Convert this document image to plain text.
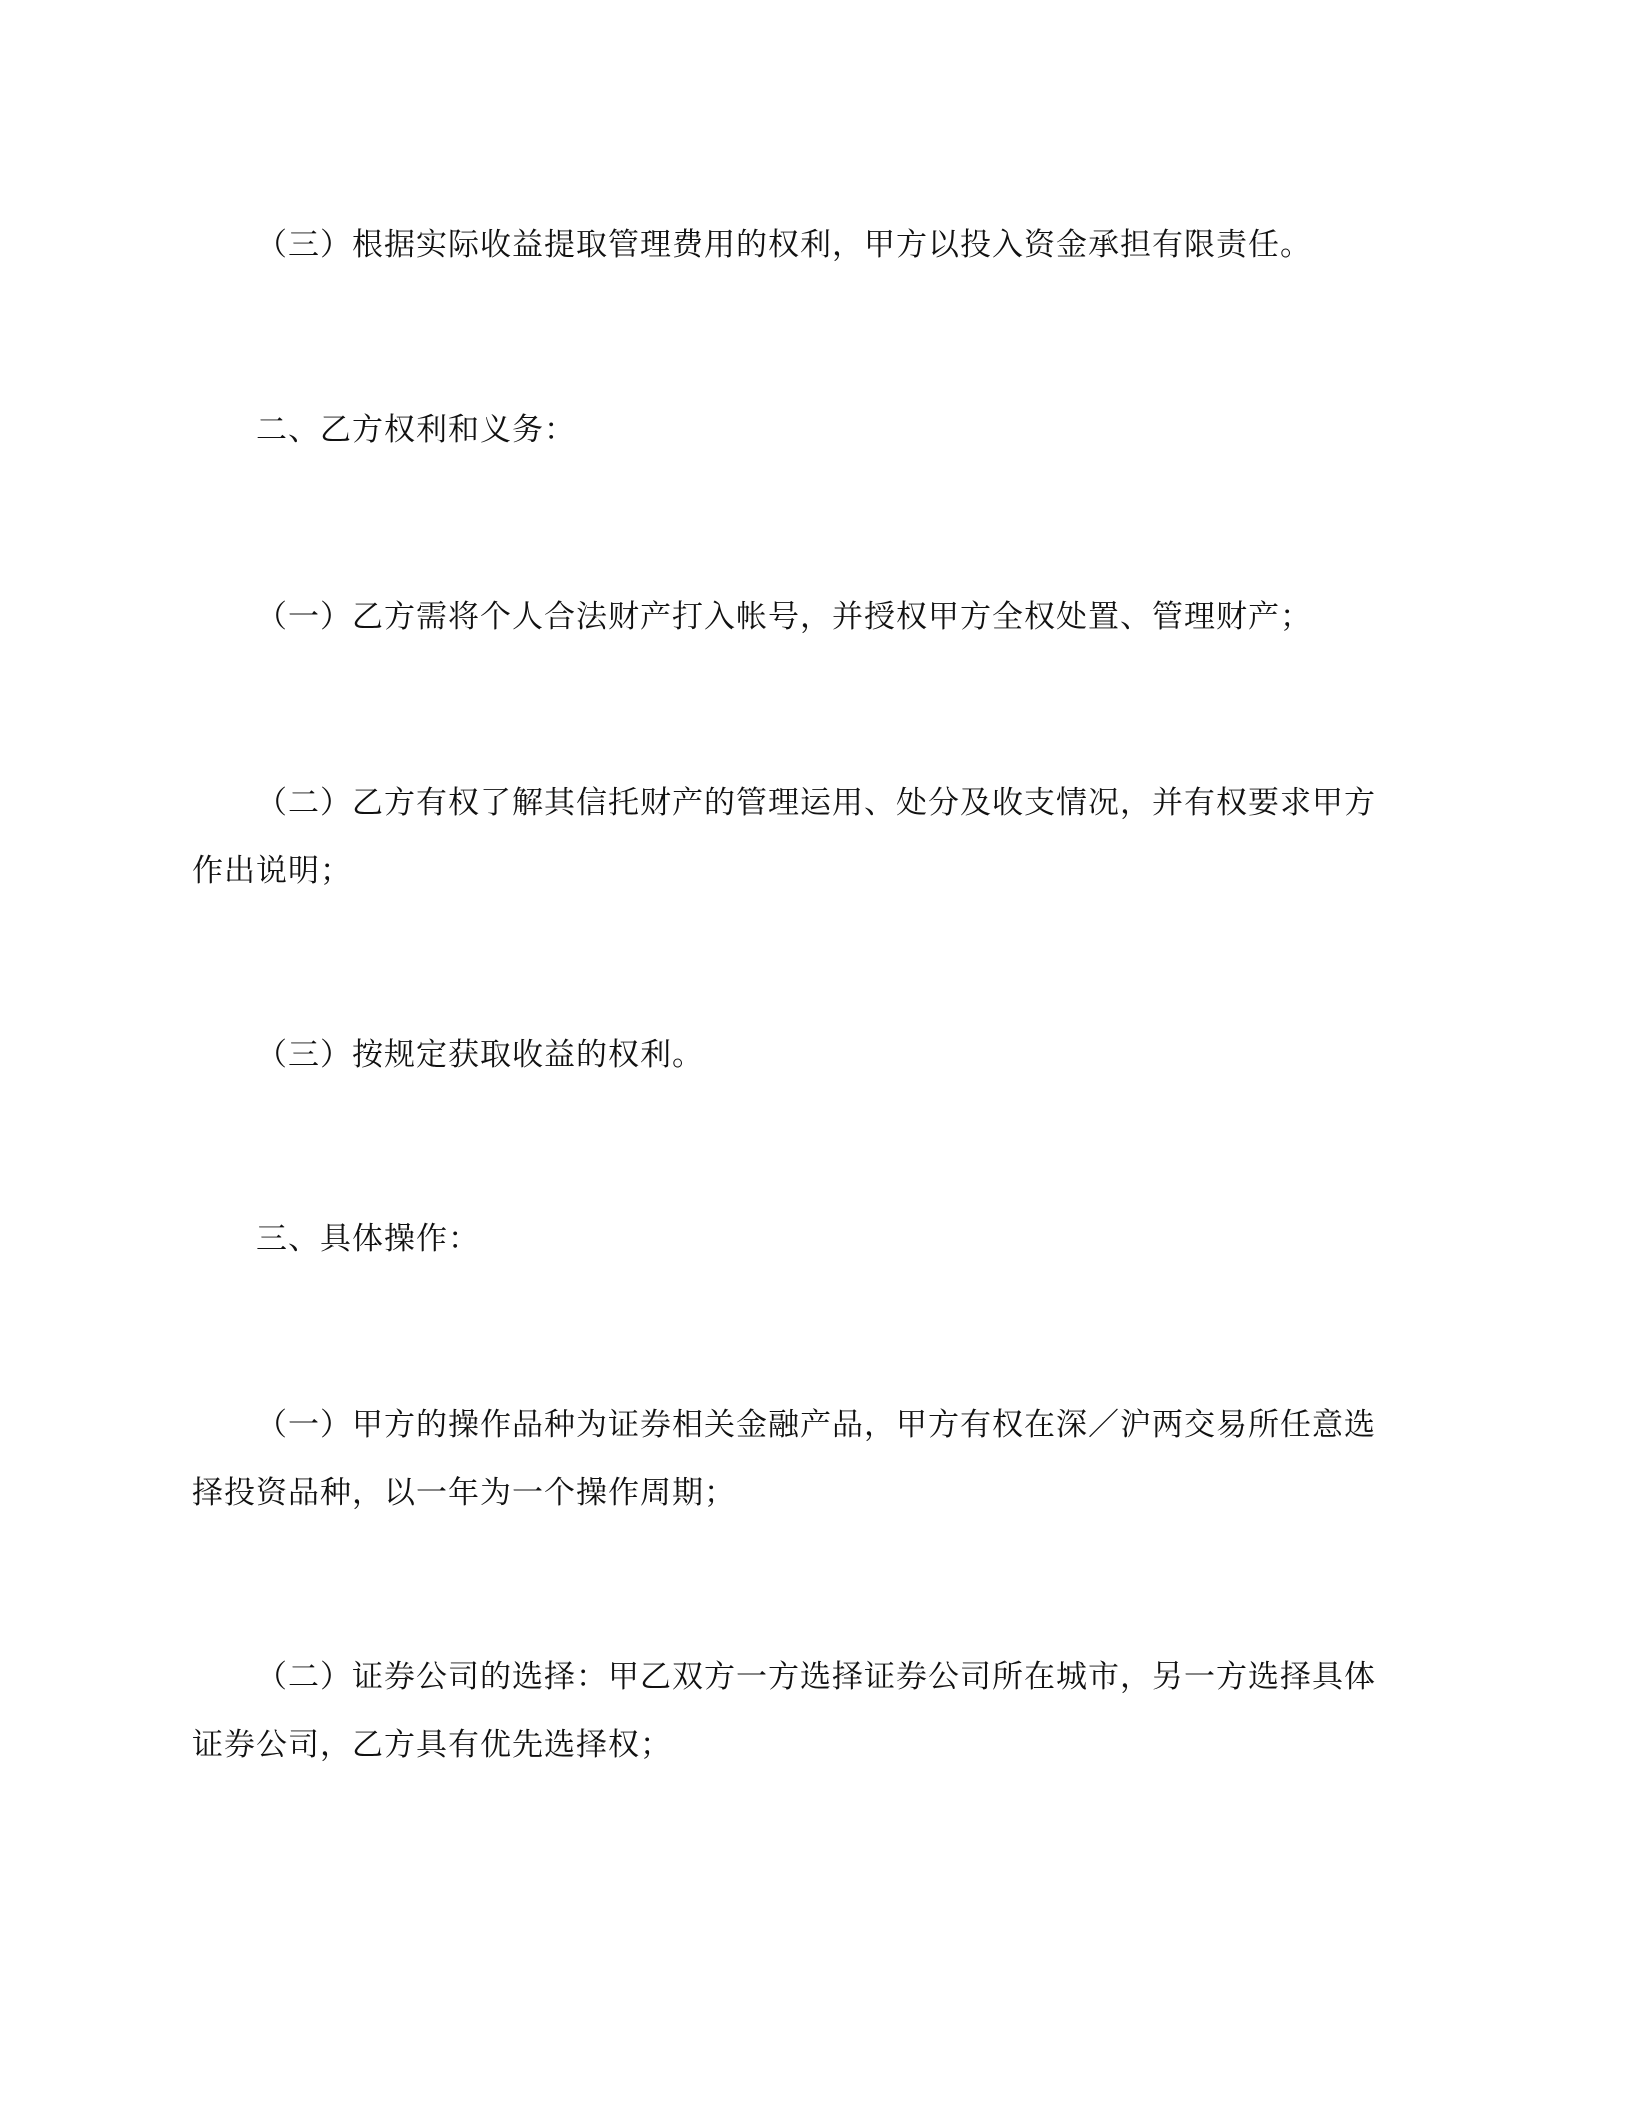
（三）根据实际收益提取管理费用的权利，甲方以投入资金承担有限责任。

二、乙方权利和义务：

（一）乙方需将个人合法财产打入帐号，并授权甲方全权处置、管理财产；

（二）乙方有权了解其信托财产的管理运用、处分及收支情况，并有权要求甲方作出说明；

（三）按规定获取收益的权利。

三、具体操作：

（一）甲方的操作品种为证券相关金融产品，甲方有权在深／沪两交易所任意选择投资品种，以一年为一个操作周期；

（二）证券公司的选择：甲乙双方一方选择证券公司所在城市，另一方选择具体证券公司，乙方具有优先选择权；
